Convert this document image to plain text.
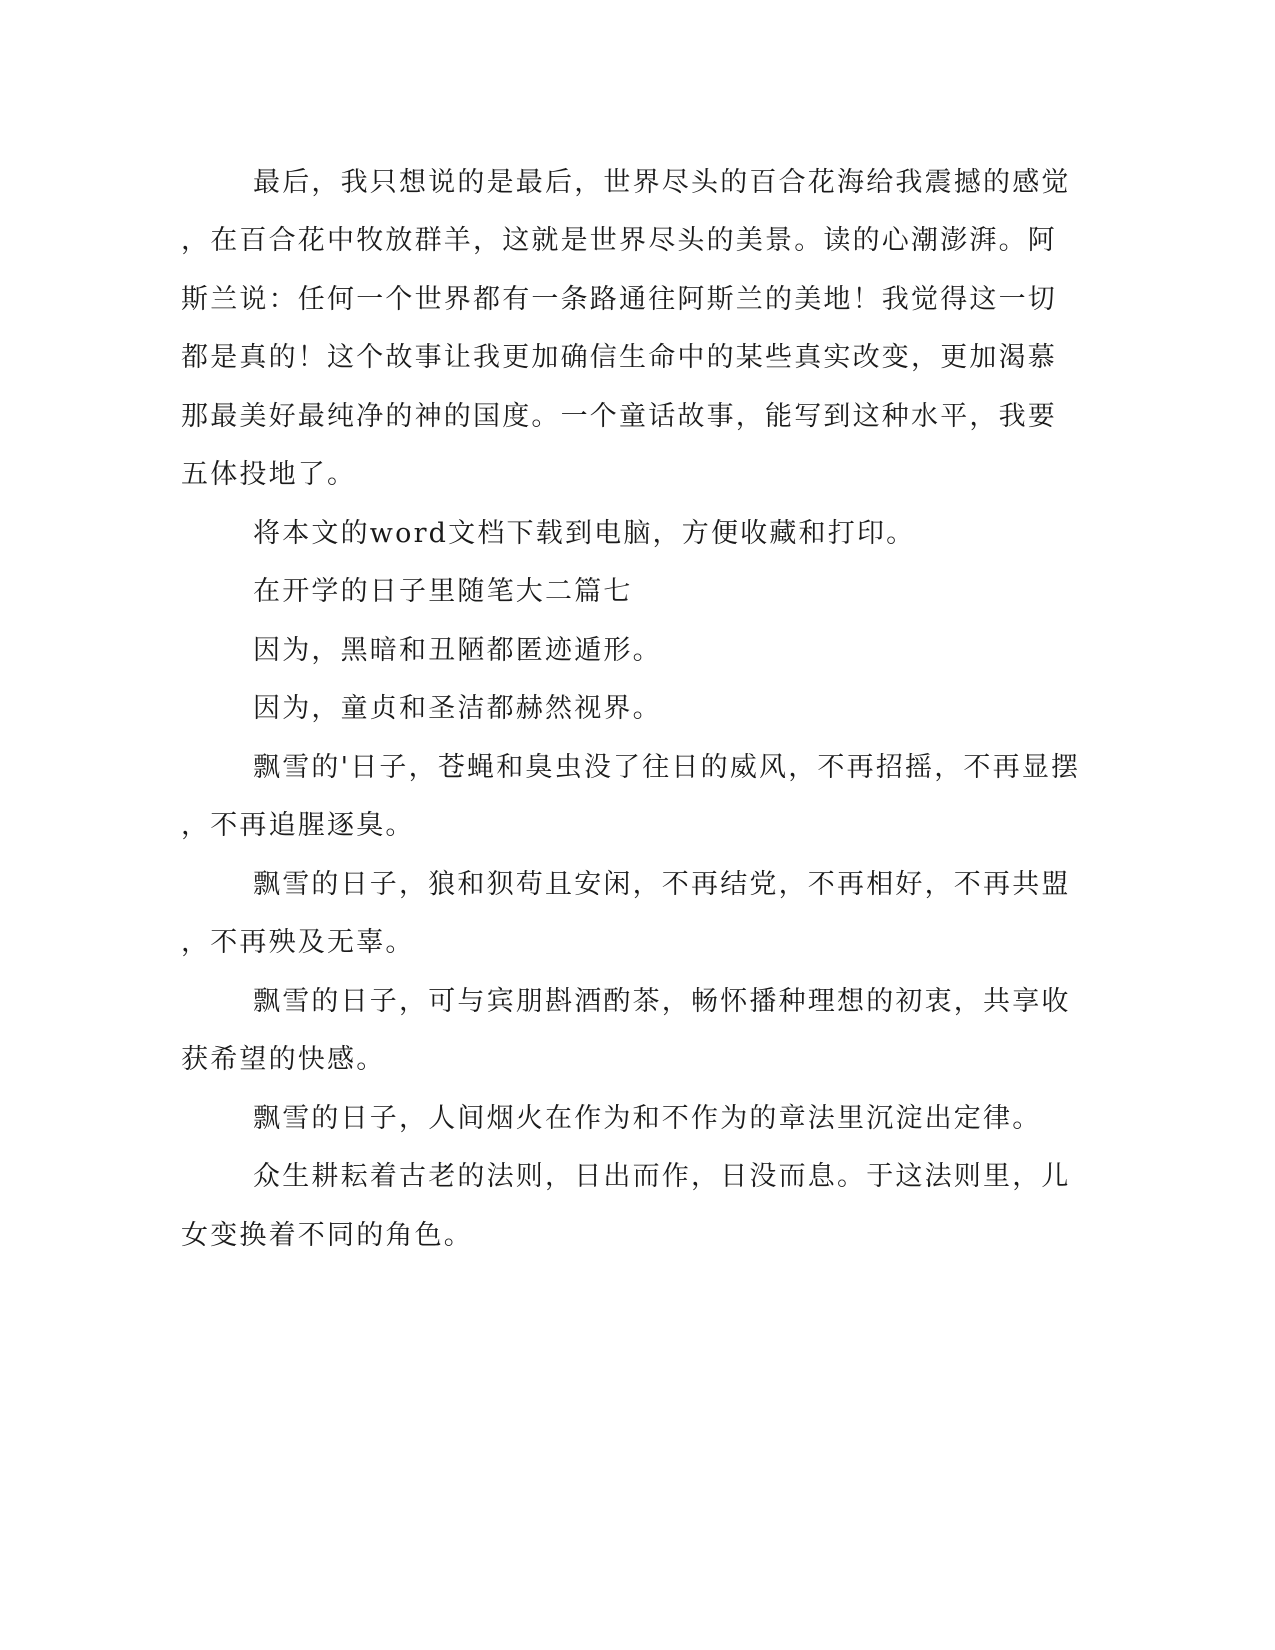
最后，我只想说的是最后，世界尽头的百合花海给我震撼的感觉
，在百合花中牧放群羊，这就是世界尽头的美景。读的心潮澎湃。阿
斯兰说：任何一个世界都有一条路通往阿斯兰的美地！我觉得这一切
都是真的！这个故事让我更加确信生命中的某些真实改变，更加渴慕
那最美好最纯净的神的国度。一个童话故事，能写到这种水平，我要
五体投地了。
将本文的word文档下载到电脑，方便收藏和打印。
在开学的日子里随笔大二篇七
因为，黑暗和丑陋都匿迹遁形。
因为，童贞和圣洁都赫然视界。
飘雪的'日子，苍蝇和臭虫没了往日的威风，不再招摇，不再显摆
，不再追腥逐臭。
飘雪的日子，狼和狈苟且安闲，不再结党，不再相好，不再共盟
，不再殃及无辜。
飘雪的日子，可与宾朋斟酒酌茶，畅怀播种理想的初衷，共享收
获希望的快感。
飘雪的日子，人间烟火在作为和不作为的章法里沉淀出定律。
众生耕耘着古老的法则，日出而作，日没而息。于这法则里，儿
女变换着不同的角色。
